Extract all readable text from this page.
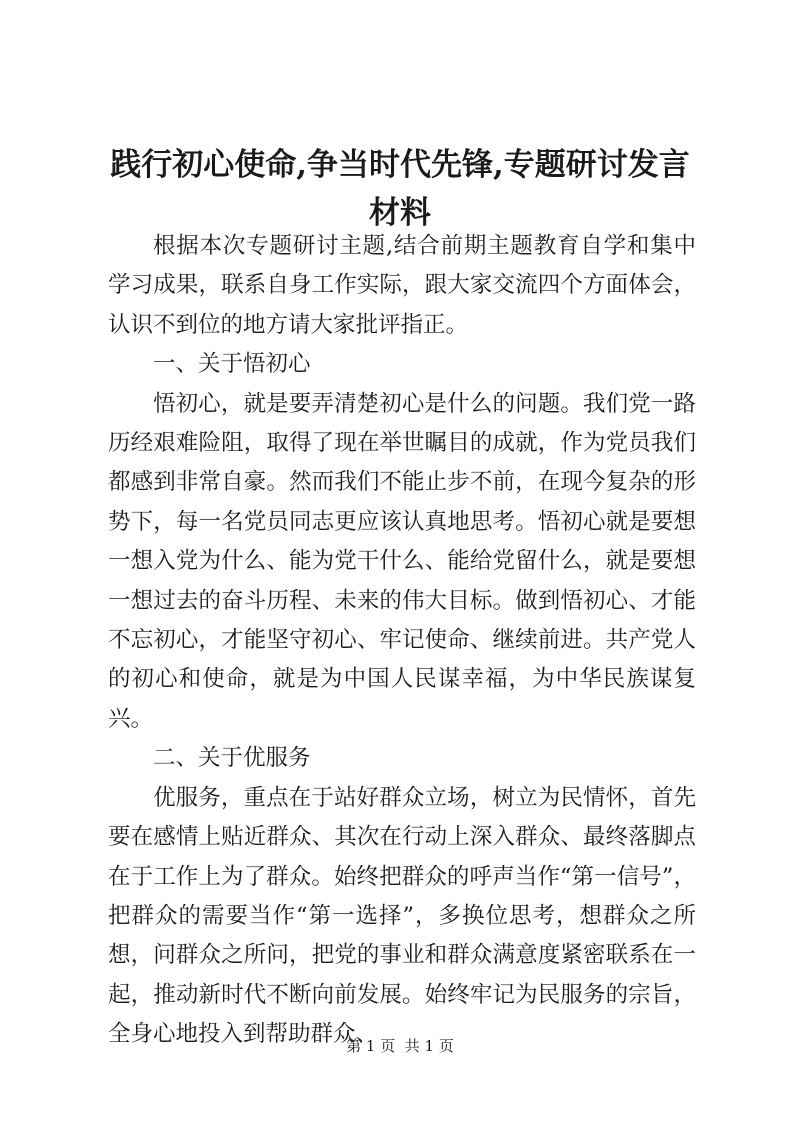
践行初心使命,争当时代先锋,专题研讨发言材料

根据本次专题研讨主题,结合前期主题教育自学和集中学习成果，联系自身工作实际，跟大家交流四个方面体会，认识不到位的地方请大家批评指正。

一、关于悟初心

悟初心，就是要弄清楚初心是什么的问题。我们党一路历经艰难险阻，取得了现在举世瞩目的成就，作为党员我们都感到非常自豪。然而我们不能止步不前，在现今复杂的形势下，每一名党员同志更应该认真地思考。悟初心就是要想一想入党为什么、能为党干什么、能给党留什么，就是要想一想过去的奋斗历程、未来的伟大目标。做到悟初心、才能不忘初心，才能坚守初心、牢记使命、继续前进。共产党人的初心和使命，就是为中国人民谋幸福，为中华民族谋复兴。

二、关于优服务

优服务，重点在于站好群众立场，树立为民情怀，首先要在感情上贴近群众、其次在行动上深入群众、最终落脚点在于工作上为了群众。始终把群众的呼声当作“第一信号”，把群众的需要当作“第一选择”，多换位思考，想群众之所想，问群众之所问，把党的事业和群众满意度紧密联系在一起，推动新时代不断向前发展。始终牢记为民服务的宗旨，全身心地投入到帮助群众、

第 1 页  共 1 页
